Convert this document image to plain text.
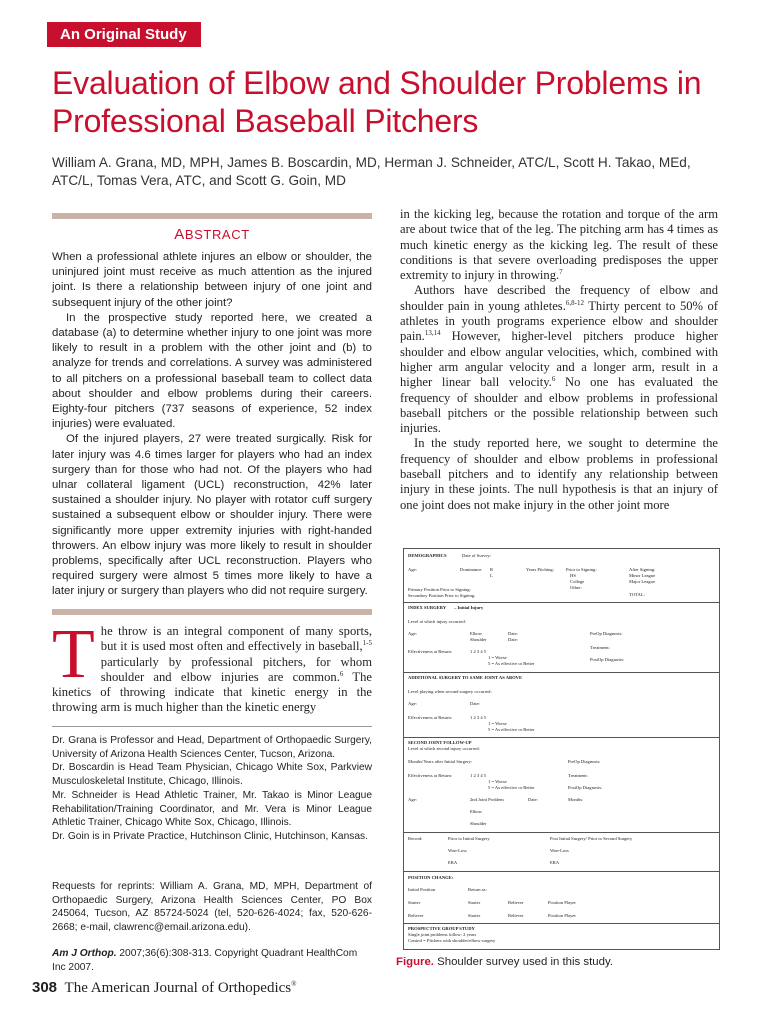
An Original Study
Evaluation of Elbow and Shoulder Problems in Professional Baseball Pitchers
William A. Grana, MD, MPH, James B. Boscardin, MD, Herman J. Schneider, ATC/L, Scott H. Takao, MEd, ATC/L, Tomas Vera, ATC, and Scott G. Goin, MD
ABSTRACT

When a professional athlete injures an elbow or shoulder, the uninjured joint must receive as much attention as the injured joint. Is there a relationship between injury of one joint and subsequent injury of the other joint?

In the prospective study reported here, we created a database (a) to determine whether injury to one joint was more likely to result in a problem with the other joint and (b) to analyze for trends and correlations. A survey was administered to all pitchers on a professional baseball team to collect data about shoulder and elbow problems during their careers. Eighty-four pitchers (737 seasons of experience, 52 index injuries) were evaluated.

Of the injured players, 27 were treated surgically. Risk for later injury was 4.6 times larger for players who had an index surgery than for those who had not. Of the players who had ulnar collateral ligament (UCL) reconstruction, 42% later sustained a shoulder injury. No player with rotator cuff surgery sustained a subsequent elbow or shoulder injury. There were significantly more upper extremity injuries with right-handed throwers. An elbow injury was more likely to result in shoulder problems, specifically after UCL reconstruction. Players who required surgery were almost 5 times more likely to have a later injury or surgery than players who did not require surgery.

The throw is an integral component of many sports, but it is used most often and effectively in baseball,$^{1-5}$ particularly by professional pitchers, for whom shoulder and elbow injuries are common.$^6$ The kinetics of throwing indicate that kinetic energy in the throwing arm is much higher than the kinetic energy

Dr. Grana is Professor and Head, Department of Orthopaedic Surgery, University of Arizona Health Sciences Center, Tucson, Arizona.

Dr. Boscardin is Head Team Physician, Chicago White Sox, Parkview Musculoskeletal Institute, Chicago, Illinois.

Mr. Schneider is Head Athletic Trainer, Mr. Takao is Minor League Rehabilitation/Training Coordinator, and Mr. Vera is Minor League Athletic Trainer, Chicago White Sox, Chicago, Illinois.

Dr. Goin is in Private Practice, Hutchinson Clinic, Hutchinson, Kansas.

Requests for reprints: William A. Grana, MD, MPH, Department of Orthopaedic Surgery, Arizona Health Sciences Center, PO Box 245064, Tucson, AZ 85724-5024 (tel, 520-626-4024; fax, 520-626-2668; e-mail, clawrenc@email.arizona.edu).
Am J Orthop. 2007;36(6):308-313. Copyright Quadrant HealthCom Inc 2007.
308 The American Journal of Orthopedics®

in the kicking leg, because the rotation and torque of the arm are about twice that of the leg. The pitching arm has 4 times as much kinetic energy as the kicking leg. The result of these conditions is that severe overloading predisposes the upper extremity to injury in throwing.$^7$

Authors have described the frequency of elbow and shoulder pain in young athletes.$^{6,8-12}$ Thirty percent to 50% of athletes in youth programs experience elbow and shoulder pain.$^{13,14}$ However, higher-level pitchers produce higher shoulder and elbow angular velocities, which, combined with higher arm angular velocity and a longer arm, result in a higher linear ball velocity.$^6$ No one has evaluated the frequency of shoulder and elbow problems in professional baseball pitchers or the possible relationship between such injuries.

In the study reported here, we sought to determine the frequency of shoulder and elbow problems in professional baseball pitchers and to identify any relationship between injury in these joints. The null hypothesis is that an injury of one joint does not make injury in the other joint more

DEMOGRAPHICS	Date of Survey:
Age:	Dominance: R
L
Years Pitching:	Prior to Signing:
HS
College
Other:
After Signing:
Minor League
Major League
TOTAL:
Primary Position Prior to Signing:
Secondary Position Prior to Signing:
INDEX SURGERY – Initial Injury
Level at which injury occurred:
Age:	Elbow
Shoulder
Date:
Date:
PreOp Diagnosis:
Treatment:
PostOp Diagnosis:
Effectiveness at Return:	1 2 3 4 5
1 = Worse
5 = As effective or Better
ADDITIONAL SURGERY TO SAME JOINT AS ABOVE
Level playing when second surgery occurred:
Age:	Date:
Effectiveness at Return:	1 2 3 4 5
1 = Worse
5 = As effective or Better
SECOND JOINT FOLLOW-UP
Level at which second injury occurred:
Months/Years after Initial Surgery:	PreOp Diagnosis:
Effectiveness at Return:	1 2 3 4 5
1 = Worse
5 = As effective or Better
Treatment:
PostOp Diagnosis:
Age:	2nd Joint Problem	Date:	Months:
Elbow
Shoulder
Record:	Prior to Initial Surgery	Post Initial Surgery/ Prior to Second Surgery
Won-Loss	Won-Loss
ERA	ERA
POSITION CHANGE:
Initial Position	Return as:
Starter	Starter	Reliever	Position Player
Reliever	Starter	Reliever	Position Player
PROSPECTIVE GROUP STUDY
Single joint problems follow: 2 years
Control = Pitchers with shoulder/elbow surgery
Figure. Shoulder survey used in this study.
